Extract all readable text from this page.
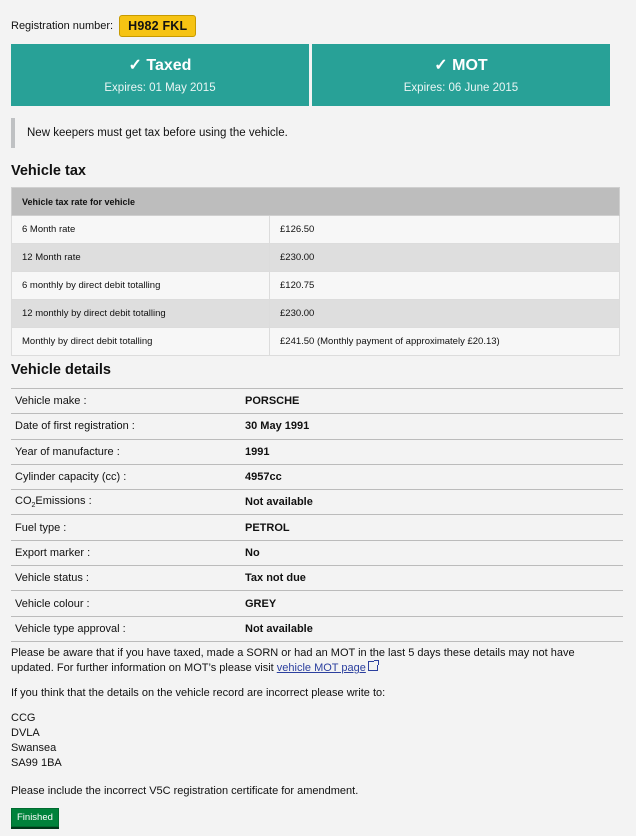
Registration number:	H982 FKL
✓ Taxed
Expires: 01 May 2015
✓ MOT
Expires: 06 June 2015
New keepers must get tax before using the vehicle.
Vehicle tax
Vehicle tax rate for vehicle	
6 Month rate	£126.50
12 Month rate	£230.00
6 monthly by direct debit totalling	£120.75
12 monthly by direct debit totalling	£230.00
Monthly by direct debit totalling	£241.50 (Monthly payment of approximately £20.13)
Vehicle details
Vehicle make :	PORSCHE
Date of first registration :	30 May 1991
Year of manufacture :	1991
Cylinder capacity (cc) :	4957cc
$CO_2Emissions$ :	Not available
Fuel type :	PETROL
Export marker :	No
Vehicle status :	Tax not due
Vehicle colour :	GREY
Vehicle type approval :	Not available

Please be aware that if you have taxed, made a SORN or had an MOT in the last 5 days these details may not have updated. For further information on MOT’s please visit vehicle MOT page

If you think that the details on the vehicle record are incorrect please write to:

CCG
DVLA
Swansea
SA99 1BA

Please include the incorrect V5C registration certificate for amendment.

Finished
